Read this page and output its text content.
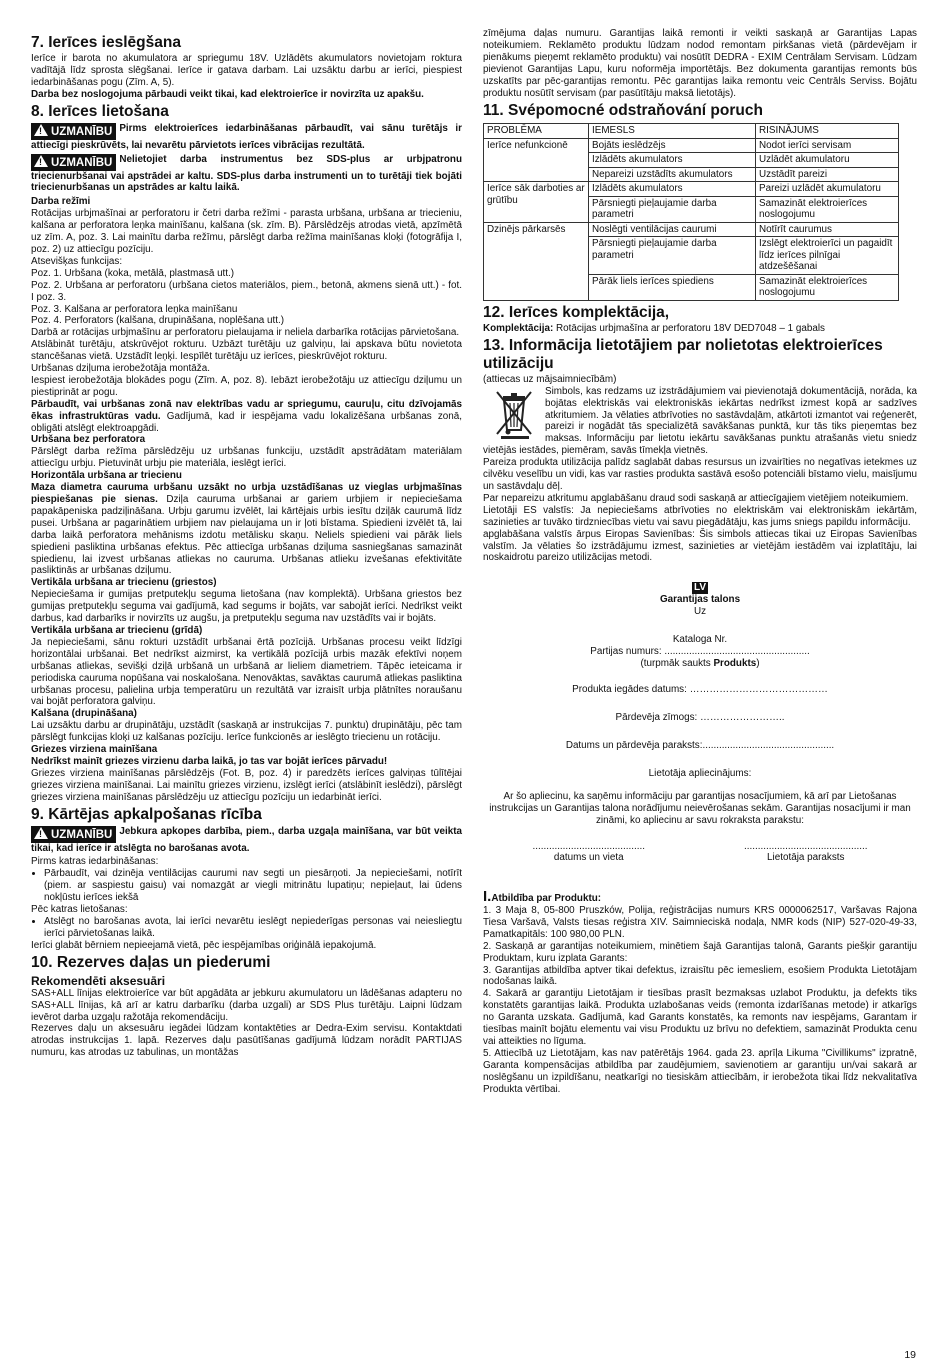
7. Ierīces ieslēgšana

Ierīce ir barota no akumulatora ar spriegumu 18V. Uzlādēts akumulators novietojam roktura vadītājā līdz sprosta slēgšanai. Ierīce ir gatava darbam. Lai uzsāktu darbu ar ierīci, piespiest iedarbināšanas pogu (Zīm. A, 5).

Darba bez noslogojuma pārbaudi veikt tikai, kad elektroierīce ir novirzīta uz apakšu.

8. Ierīces lietošana
!UZMANĪBU Pirms elektroierīces iedarbināšanas pārbaudīt, vai sānu turētājs ir attiecīgi pieskrūvēts, lai nevarētu pārvietots ierīces vibrācijas rezultātā.
!UZMANĪBU Nelietojiet darba instrumentus bez SDS-plus ar urbjpatronu triecienurbšanai vai apstrādei ar kaltu. SDS-plus darba instrumenti un to turētāji tiek bojāti triecienurbšanas un apstrādes ar kaltu laikā.

Darba režīmi

Rotācijas urbjmašīnai ar perforatoru ir četri darba režīmi - parasta urbšana, urbšana ar triecieniu, kalšana ar perforatora leņka mainīšanu, kalšana (sk. zīm. B). Pārslēdzējs atrodas vietā, apzīmētā uz zīm. A, poz. 3. Lai mainītu darba režīmu, pārslēgt darba režīma mainīšanas kloķi (fotogrāfija I, poz. 2) uz attiecīgu pozīciju.

Atsevišķas funkcijas:

Poz. 1. Urbšana (koka, metālā, plastmasā utt.)

Poz. 2. Urbšana ar perforatoru (urbšana cietos materiālos, piem., betonā, akmens sienā utt.) - fot. I poz. 3.

Poz. 3. Kalšana ar perforatora leņka mainīšanu

Poz. 4. Perforators (kalšana, drupināšana, noplēšana utt.)

Darbā ar rotācijas urbjmašīnu ar perforatoru pielaujama ir neliela darbarīka rotācijas pārvietošana.

Atslābināt turētāju, atskrūvējot rokturu. Uzbāzt turētāju uz galviņu, lai apskava būtu novietota stancēšanas vietā. Uzstādīt leņķi. Iespīlēt turētāju uz ierīces, pieskrūvējot rokturu.

Urbšanas dziļuma ierobežotāja montāža.

Iespiest ierobežotāja blokādes pogu (Zīm. A, poz. 8). Iebāzt ierobežotāju uz attiecīgu dziļumu un piestiprināt ar pogu.

Pārbaudīt, vai urbšanas zonā nav elektrības vadu ar spriegumu, cauruļu, citu dzīvojamās ēkas infrastruktūras vadu. Gadījumā, kad ir iespējama vadu lokalizēšana urbšanas zonā, obligāti atslēgt elektroapgādi.

Urbšana bez perforatora

Pārslēgt darba režīma pārslēdzēju uz urbšanas funkciju, uzstādīt apstrādātam materiālam attiecīgu urbju. Pietuvināt urbju pie materiāla, ieslēgt ierīci.

Horizontāla urbšana ar triecienu

Maza diametra cauruma urbšanu uzsākt no urbja uzstādīšanas uz vieglas urbjmašīnas piespiešanas pie sienas. Dziļa cauruma urbšanai ar gariem urbjiem ir nepieciešama papakāpeniska padziļināšana. Urbju garumu izvēlēt, lai kārtējais urbis iesītu dziļāk caurumā līdz pusei. Urbšana ar pagarinātiem urbjiem nav pielaujama un ir ļoti bīstama. Spiedieni izvēlēt tā, lai darba laikā perforatora mehānisms izdotu metālisku skaņu. Neliels spiedieni vai pārāk liels spiedieni pasliktina urbšanas efektus. Pēc attiecīga urbšanas dziļuma sasniegšanas samazināt spiedienu, lai izvest urbšanas atliekas no cauruma. Urbšanas atlieku izvešanas efektivitāte pasliktinās ar urbšanas dziļumu.

Vertikāla urbšana ar triecienu (griestos)

Nepieciešama ir gumijas pretputekļu seguma lietošana (nav komplektā). Urbšana griestos bez gumijas pretputekļu seguma vai gadījumā, kad segums ir bojāts, var sabojāt ierīci. Nedrīkst veikt darbus, kad darbarīks ir novirzīts uz augšu, ja pretputekļu seguma nav uzstādīts vai ir bojāts.

Vertikāla urbšana ar triecienu (grīdā)

Ja nepieciešami, sānu rokturi uzstādīt urbšanai ērtā pozīcijā. Urbšanas procesu veikt līdzīgi horizontālai urbšanai. Bet nedrīkst aizmirst, ka vertikālā pozīcijā urbis mazāk efektīvi noņem urbšanas atliekas, sevišķi dziļā urbšanā un urbšanā ar lieliem diametriem. Tāpēc ieteicama ir periodiska cauruma nopūšana vai noskalošana. Nenovāktas, savāktas caurumā atliekas pasliktina urbšanas procesu, palielina urbja temperatūru un rezultātā var izraisīt urbja plātnītes noraušanu vai bojāt perforatora galviņu.

Kalšana (drupināšana)

Lai uzsāktu darbu ar drupinātāju, uzstādīt (saskaņā ar instrukcijas 7. punktu) drupinātāju, pēc tam pārslēgt funkcijas kloķi uz kalšanas pozīciju. Ierīce funkcionēs ar ieslēgto triecienu un rotāciju.

Griezes virziena mainīšana

Nedrīkst mainīt griezes virzienu darba laikā, jo tas var bojāt ierīces pārvadu!

Griezes virziena mainīšanas pārslēdzējs (Fot. B, poz. 4) ir paredzēts ierīces galviņas tūlītējai griezes virziena mainīšanai. Lai mainītu griezes virzienu, izslēgt ierīci (atslābinīt ieslēdzi), pārslēgt griezes virziena mainīšanas pārslēdzēju uz attiecīgu pozīciju un iedarbināt ierīci.

9. Kārtējas apkalpošanas rīcība
!UZMANĪBU Jebkura apkopes darbība, piem., darba uzgaļa mainīšana, var būt veikta tikai, kad ierīce ir atslēgta no barošanas avota.

Pirms katras iedarbināšanas:

• Pārbaudīt, vai dzinēja ventilācijas caurumi nav segti un piesārņoti. Ja nepieciešami, notīrīt (piem. ar saspiestu gaisu) vai nomazgāt ar viegli mitrinātu lupatiņu; nepieļaut, lai ūdens nokļūstu ierīces iekšā

Pēc katras lietošanas:

• Atslēgt no barošanas avota, lai ierīci nevarētu ieslēgt nepiederīgas personas vai neiesliegtu ierīci pārvietošanas laikā.

Ierīci glabāt bērniem nepieejamā vietā, pēc iespējamības oriģinālā iepakojumā.

10. Rezerves daļas un piederumi
Rekomendēti aksesuāri

SAS+ALL līnijas elektroierīce var būt apgādāta ar jebkuru akumulatoru un lādēšanas adapteru no SAS+ALL līnijas, kā arī ar katru darbarīku (darba uzgali) ar SDS Plus turētāju. Laipni lūdzam ievērot darba uzgaļu ražotāja rekomendāciju.

Rezerves daļu un aksesuāru iegādei lūdzam kontaktēties ar Dedra-Exim servisu. Kontaktdati atrodas instrukcijas 1. lapā. Rezerves daļu pasūtīšanas gadījumā lūdzam norādīt PARTIJAS numuru, kas atrodas uz tabulinas, un montāžas

zīmējuma daļas numuru. Garantijas laikā remonti ir veikti saskaņā ar Garantijas Lapas noteikumiem. Reklamēto produktu lūdzam nodod remontam pirkšanas vietā (pārdevējam ir pienākums pieņemt reklamēto produktu) vai nosūtīt DEDRA - EXIM Centrālam Servisam. Lūdzam pievienot Garantijas Lapu, kuru noformēja importētājs. Bez dokumenta garantijas remonts būs uzskatīts par pēc-garantijas remontu. Pēc garantijas laika remontu veic Centrāls Serviss. Bojātu produktu nosūtīt servisam (par pasūtītāju maksā lietotājs).

11. Svépomocné odstraňování poruch
PROBLĒMA	IEMESLS	RISINĀJUMS
Ierīce nefunkcionē	Bojāts ieslēdzējs	Nodot ierīci servisam
	Izlādēts akumulators	Uzlādēt akumulatoru
	Nepareizi uzstādīts akumulators	Uzstādīt pareizi
Ierīce sāk darboties ar grūtību	Izlādēts akumulators	Pareizi uzlādēt akumulatoru
	Pārsniegti pieļaujamie darba parametri	Samazināt elektroierīces noslogojumu
Dzinējs pārkarsēs	Noslēgti ventilācijas caurumi	Notīrīt caurumus
	Pārsniegti pieļaujamie darba parametri	Izslēgt elektroierīci un pagaidīt līdz ierīces pilnīgai atdzešēšanai
	Pārāk liels ierīces spiediens	Samazināt elektroierīces noslogojumu
12. Ierīces komplektācija,

Komplektācija: Rotācijas urbjmašīna ar perforatoru 18V DED7048 – 1 gabals

13. Informācija lietotājiem par nolietotas elektroierīces utilizāciju

(attiecas uz mājsaimniecībām)

Simbols, kas redzams uz izstrādājumiem vai pievienotajā dokumentācijā, norāda, ka bojātas elektriskās vai elektroniskās iekārtas nedrīkst izmest kopā ar sadzīves atkritumiem. Ja vēlaties atbrīvoties no sastāvdaļām, atkārtoti izmantot vai reģenerēt, pareizi ir nogādāt tās specializētā savākšanas punktā, kur tās tiks pieņemtas bez maksas. Informāciju par lietotu iekārtu savākšanas punktu atrašanās vietu sniedz vietējās iestādes, piemēram, savās tīmekļa vietnēs.

Pareiza produkta utilizācija palīdz saglabāt dabas resursus un izvairīties no negatīvas ietekmes uz cilvēku veselību un vidi, kas var rasties produkta sastāvā esošo potenciāli bīstamo vielu, maisījumu un sastāvdaļu dēļ.

Par nepareizu atkritumu apglabāšanu draud sodi saskaņā ar attiecīgajiem vietējiem noteikumiem.

Lietotāji ES valstīs: Ja nepieciešams atbrīvoties no elektriskām vai elektroniskām iekārtām, sazinieties ar tuvāko tirdzniecības vietu vai savu piegādātāju, kas jums sniegs papildu informāciju.

apglabāšana valstīs ārpus Eiropas Savienības: Šis simbols attiecas tikai uz Eiropas Savienības valstīm. Ja vēlaties šo izstrādājumu izmest, sazinieties ar vietējām iestādēm vai izplatītāju, lai noskaidrotu pareizo utilizācijas metodi.

LV

Garantijas talons

Uz

Kataloga Nr.

Partijas numurs: .....................................................

(turpmāk saukts Produkts)

Produkta iegādes datums: ……………………………………

Pārdevēja zīmogs: ……………………..

Datums un pārdevēja paraksts:................................................

Lietotāja apliecinājums:

Ar šo apliecinu, ka saņēmu informāciju par garantijas nosacījumiem, kā arī par Lietošanas instrukcijas un Garantijas talona norādījumu neievērošanas sekām. Garantijas nosacījumi ir man zināmi, ko apliecinu ar savu rokraksta parakstu:

.........................................
datums un vieta
.............................................
Lietotāja paraksts

I.Atbildība par Produktu:

1. 3 Maja 8, 05-800 Pruszków, Polija, reģistrācijas numurs KRS 0000062517, Varšavas Rajona Tiesa Varšavā, Valsts tiesas reģistra XIV. Saimnieciskā nodaļa, NMR kods (NIP) 527-020-49-33, Pamatkapitāls: 100 980,00 PLN.

2. Saskaņā ar garantijas noteikumiem, minētiem šajā Garantijas talonā, Garants piešķir garantiju Produktam, kuru izplata Garants:

3. Garantijas atbildība aptver tikai defektus, izraisītu pēc iemesliem, esošiem Produkta Lietotājam nodošanas laikā.

4. Sakarā ar garantiju Lietotājam ir tiesības prasīt bezmaksas uzlabot Produktu, ja defekts tiks konstatēts garantijas laikā. Produkta uzlabošanas veids (remonta izdarīšanas metode) ir atkarīgs no Garanta uzskata. Gadījumā, kad Garants konstatēs, ka remonts nav iespējams, Garantam ir tiesības mainīt bojātu elementu vai visu Produktu uz brīvu no defektiem, samazināt Produkta cenu vai atteikties no līguma.

5. Attiecībā uz Lietotājam, kas nav patērētājs 1964. gada 23. aprīļa Likuma "Civillikums" izpratnē, Garanta kompensācijas atbildība par zaudējumiem, savienotiem ar garantiju un/vai sakarā ar noslēgšanu un izpildīšanu, neatkarīgi no tiesiskām attiecībām, ir ierobežota tikai līdz nekvalitatīva Produkta vērtībai.

19
